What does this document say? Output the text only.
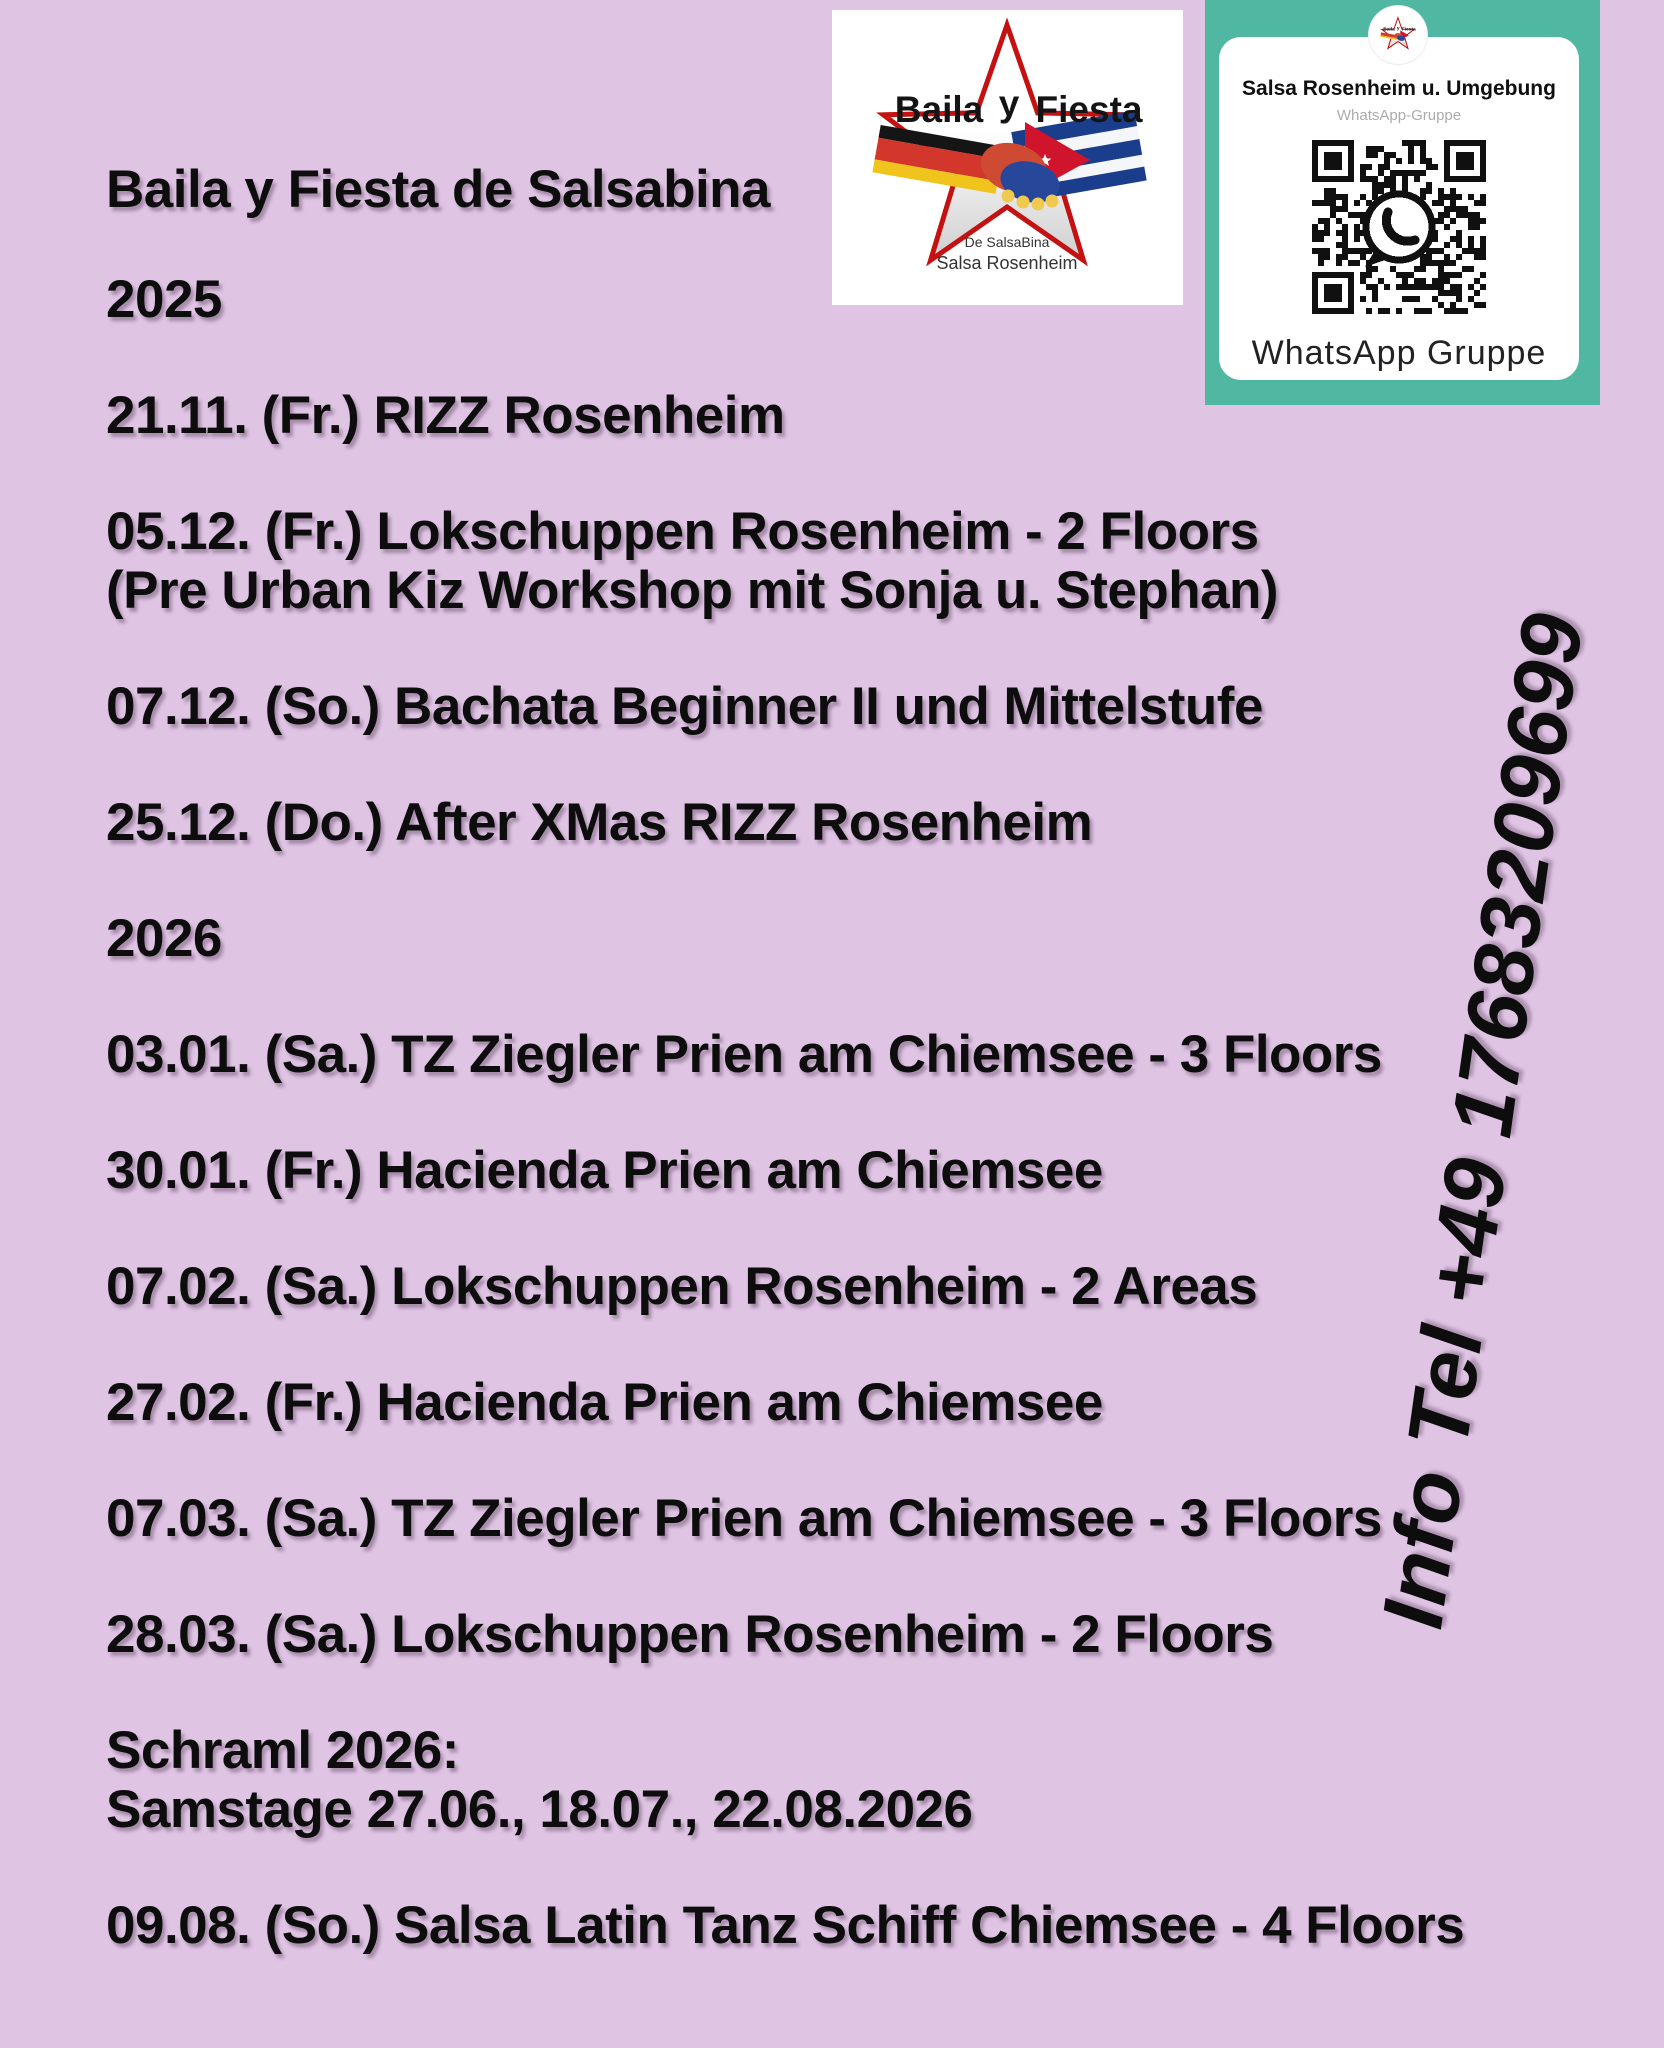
Baila y Fiesta de Salsabina
2025
21.11. (Fr.) RIZZ Rosenheim
05.12. (Fr.) Lokschuppen Rosenheim - 2 Floors
(Pre Urban Kiz Workshop mit Sonja u. Stephan)
07.12. (So.) Bachata Beginner II und Mittelstufe
25.12. (Do.) After XMas RIZZ Rosenheim
2026
03.01. (Sa.) TZ Ziegler Prien am Chiemsee - 3 Floors
30.01. (Fr.) Hacienda Prien am Chiemsee
07.02. (Sa.) Lokschuppen Rosenheim - 2 Areas
27.02. (Fr.) Hacienda Prien am Chiemsee
07.03. (Sa.) TZ Ziegler Prien am Chiemsee - 3 Floors
28.03. (Sa.) Lokschuppen Rosenheim - 2 Floors
Schraml 2026:
Samstage 27.06., 18.07., 22.08.2026
09.08. (So.) Salsa Latin Tanz Schiff Chiemsee - 4 Floors
Info Tel +49 17683209699
Baila y Fiesta
De SalsaBina
Salsa Rosenheim
Baila y Fiesta
Salsa Rosenheim u. Umgebung
WhatsApp-Gruppe
WhatsApp Gruppe
